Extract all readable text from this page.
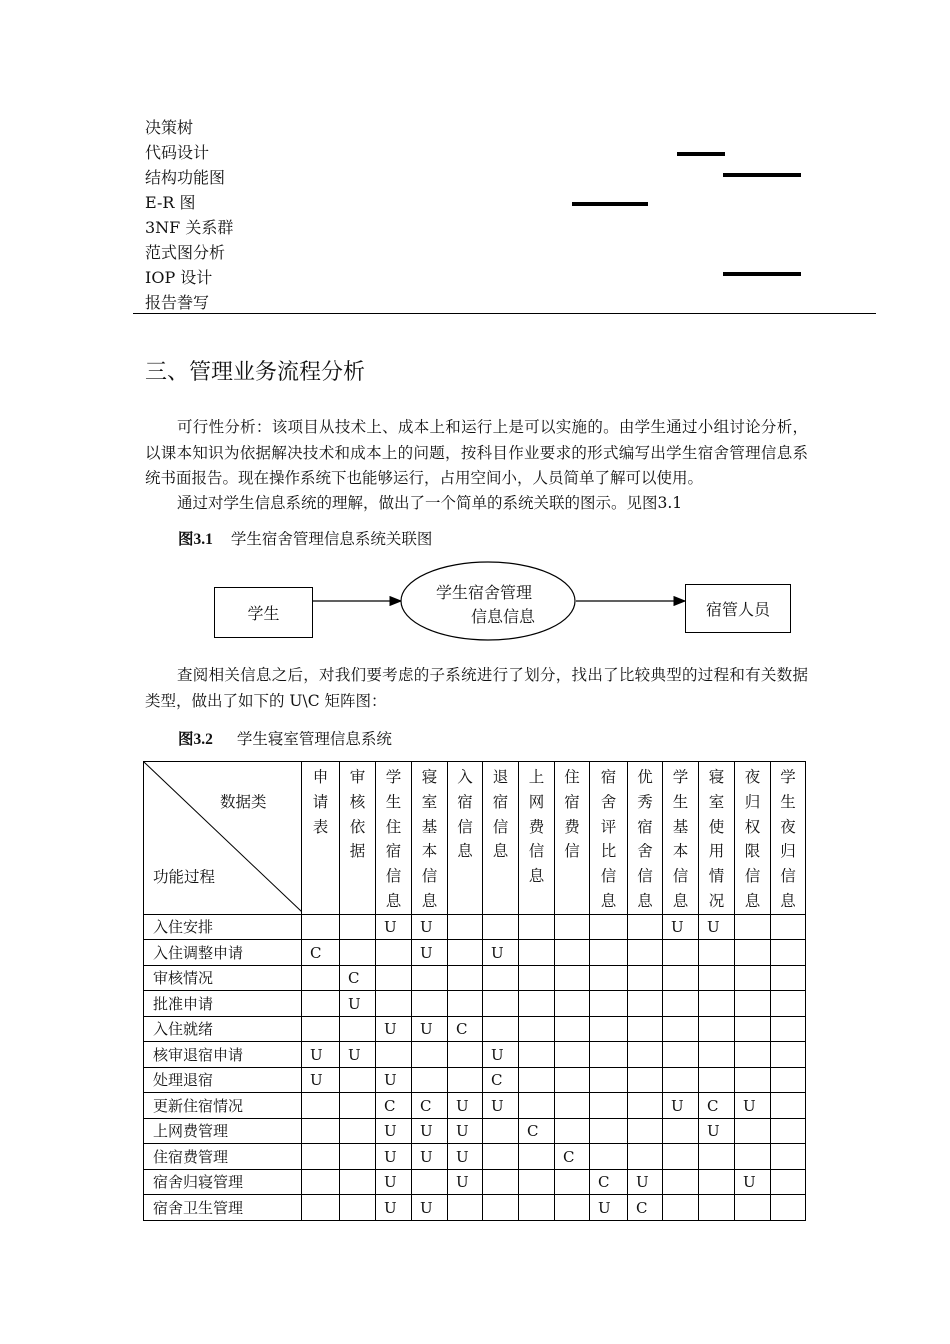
决策树
代码设计
结构功能图
E-R 图
3NF 关系群
范式图分析
IOP 设计
报告誊写
三、管理业务流程分析
可行性分析：该项目从技术上、成本上和运行上是可以实施的。由学生通过小组讨论分析，以课本知识为依据解决技术和成本上的问题，按科目作业要求的形式编写出学生宿舍管理信息系统书面报告。现在操作系统下也能够运行，占用空间小，人员简单了解可以使用。
通过对学生信息系统的理解，做出了一个简单的系统关联的图示。见图3.1
图3.1 学生宿舍管理信息系统关联图
学生
学生宿舍管理
信息信息	宿管人员
查阅相关信息之后，对我们要考虑的子系统进行了划分，找出了比较典型的过程和有关数据类型，做出了如下的 U\C 矩阵图：
图3.2 学生寝室管理信息系统
数据类
功能过程	申请表	审核依据	学生住宿信息	寝室基本信息	入宿信息	退宿信息	上网费信息	住宿费信	宿舍评比信息	优秀宿舍信息	学生基本信息	寝室使用情况	夜归权限信息	学生夜归信息

入住安排			U	U							U	U		
入住调整申请	C			U		U								
审核情况		C												
批准申请		U												
入住就绪			U	U	C									
核审退宿申请	U	U				U								
处理退宿	U		U			C								
更新住宿情况			C	C	U	U					U	C	U	
上网费管理			U	U	U		C					U		
住宿费管理			U	U	U			C						
宿舍归寝管理			U		U				C	U			U	
宿舍卫生管理			U	U					U	C				
